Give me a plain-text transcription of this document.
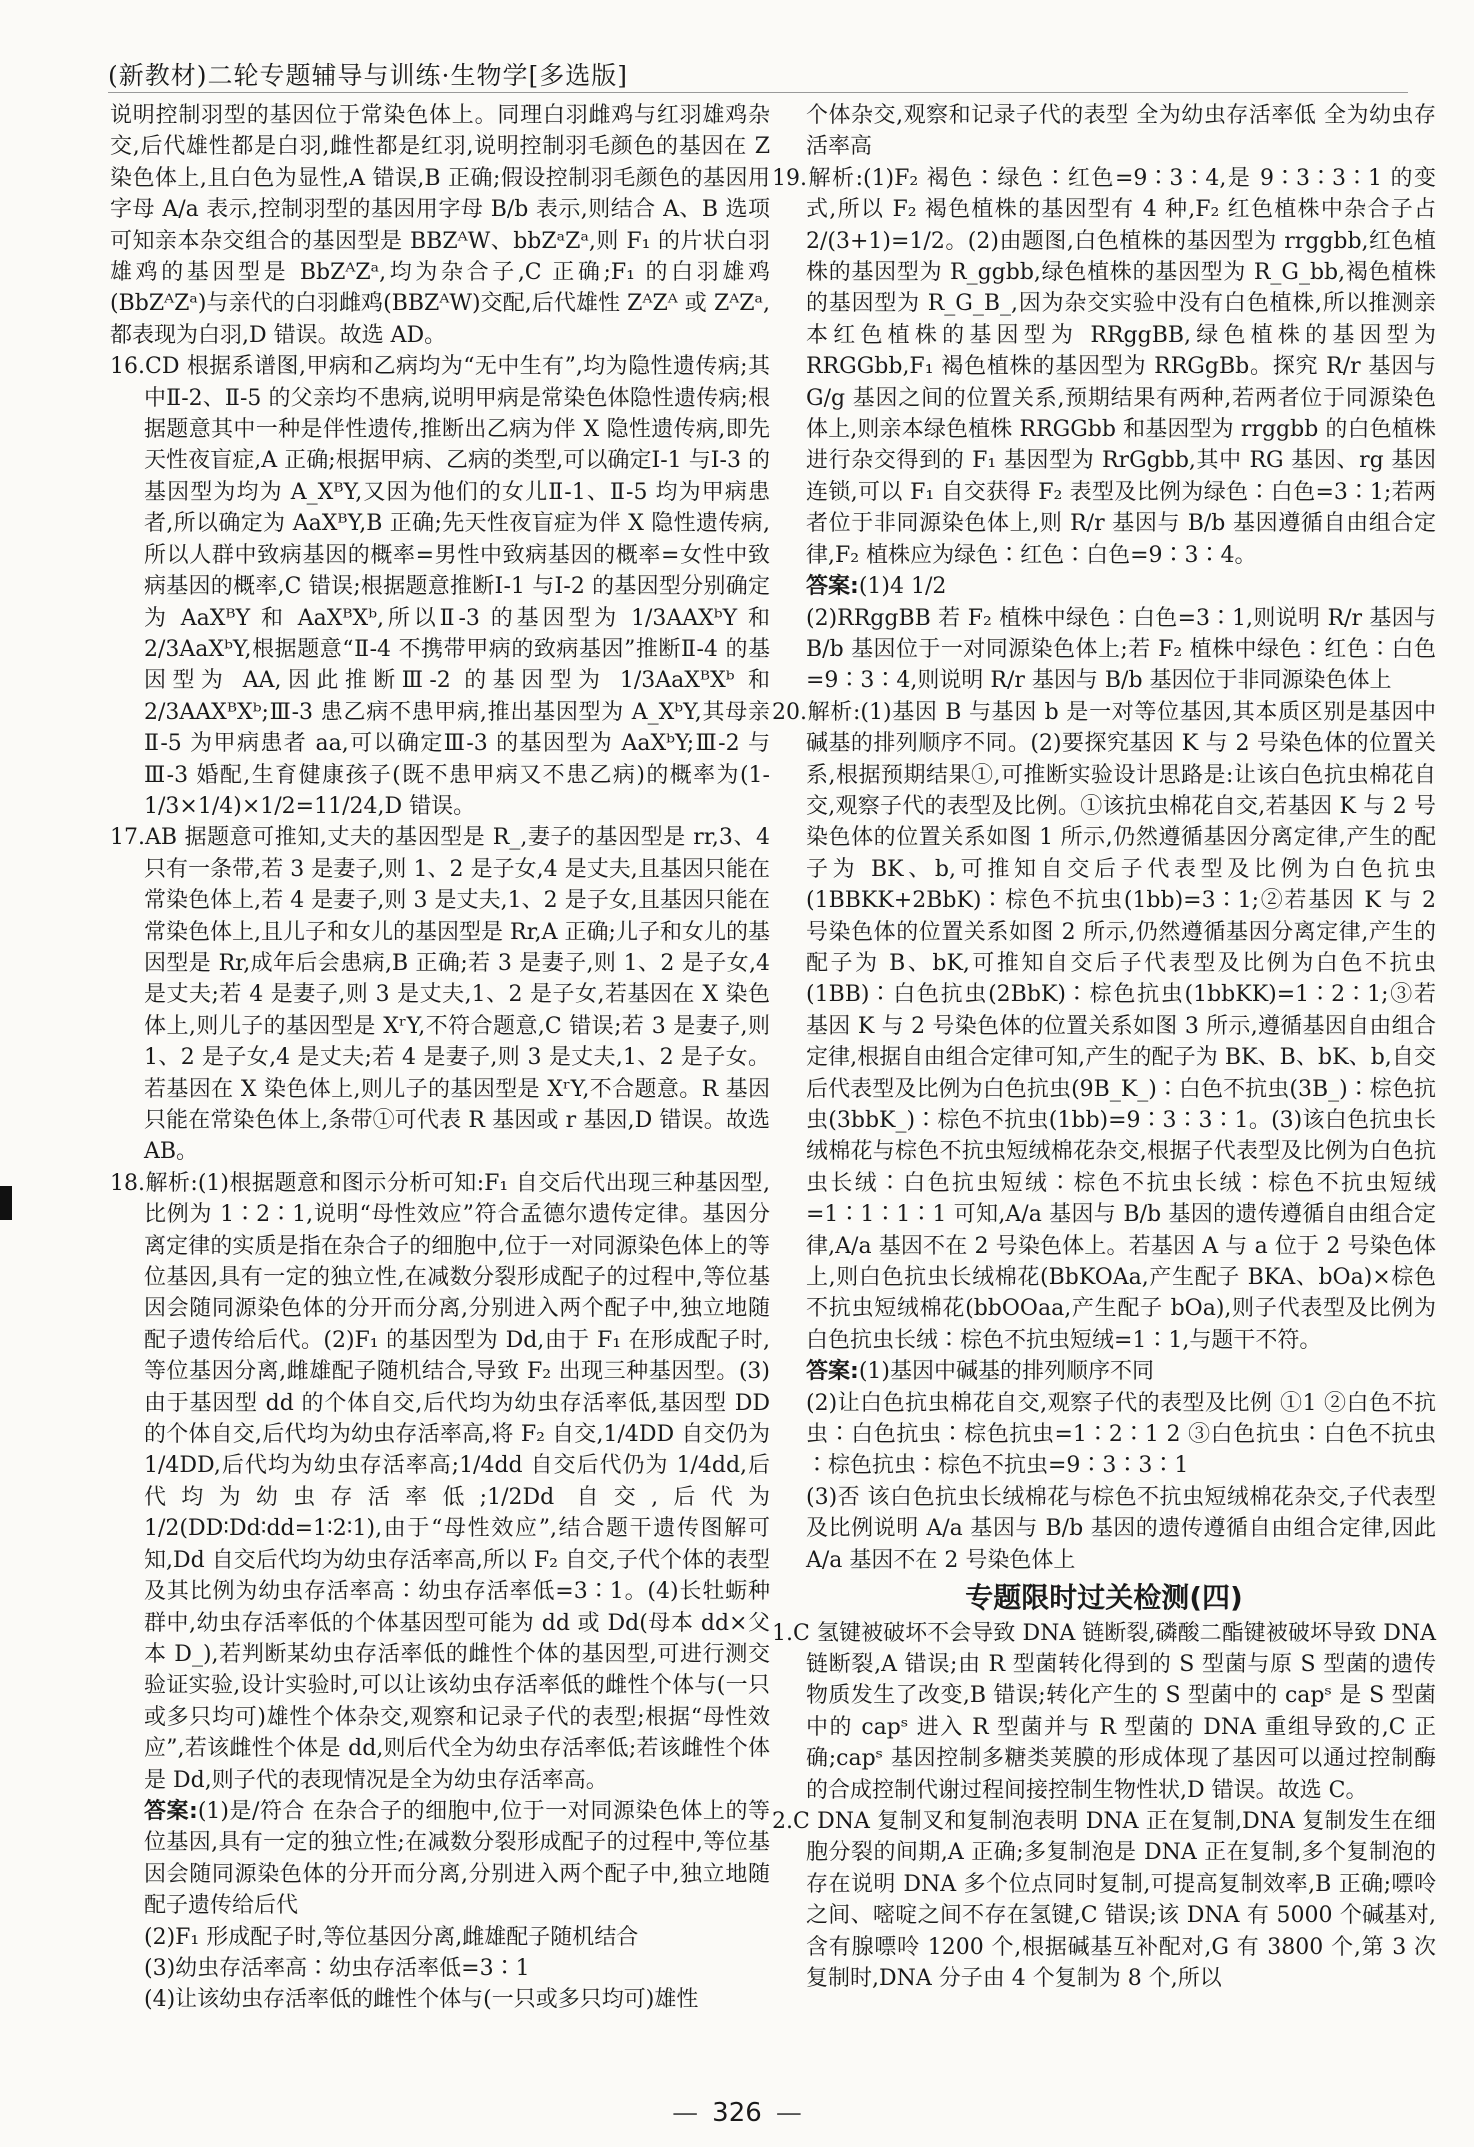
(新教材)二轮专题辅导与训练·生物学[多选版]
说明控制羽型的基因位于常染色体上。同理白羽雌鸡与红羽雄鸡杂交,后代雄性都是白羽,雌性都是红羽,说明控制羽毛颜色的基因在 Z 染色体上,且白色为显性,A 错误,B 正确;假设控制羽毛颜色的基因用字母 A/a 表示,控制羽型的基因用字母 B/b 表示,则结合 A、B 选项可知亲本杂交组合的基因型是 BBZᴬW、bbZᵃZᵃ,则 F₁ 的片状白羽雄鸡的基因型是 BbZᴬZᵃ,均为杂合子,C 正确;F₁ 的白羽雄鸡(BbZᴬZᵃ)与亲代的白羽雌鸡(BBZᴬW)交配,后代雄性 ZᴬZᴬ 或 ZᴬZᵃ,都表现为白羽,D 错误。故选 AD。
16.CD 根据系谱图,甲病和乙病均为“无中生有”,均为隐性遗传病;其中Ⅱ-2、Ⅱ-5 的父亲均不患病,说明甲病是常染色体隐性遗传病;根据题意其中一种是伴性遗传,推断出乙病为伴 X 隐性遗传病,即先天性夜盲症,A 正确;根据甲病、乙病的类型,可以确定Ⅰ-1 与Ⅰ-3 的基因型为均为 A_XᴮY,又因为他们的女儿Ⅱ-1、Ⅱ-5 均为甲病患者,所以确定为 AaXᴮY,B 正确;先天性夜盲症为伴 X 隐性遗传病,所以人群中致病基因的概率=男性中致病基因的概率=女性中致病基因的概率,C 错误;根据题意推断Ⅰ-1 与Ⅰ-2 的基因型分别确定为 AaXᴮY 和 AaXᴮXᵇ,所以Ⅱ-3 的基因型为 1/3AAXᵇY 和 2/3AaXᵇY,根据题意“Ⅱ-4 不携带甲病的致病基因”推断Ⅱ-4 的基因型为 AA,因此推断Ⅲ-2 的基因型为 1/3AaXᴮXᵇ 和 2/3AAXᴮXᵇ;Ⅲ-3 患乙病不患甲病,推出基因型为 A_XᵇY,其母亲Ⅱ-5 为甲病患者 aa,可以确定Ⅲ-3 的基因型为 AaXᵇY;Ⅲ-2 与Ⅲ-3 婚配,生育健康孩子(既不患甲病又不患乙病)的概率为(1-1/3×1/4)×1/2=11/24,D 错误。
17.AB 据题意可推知,丈夫的基因型是 R_,妻子的基因型是 rr,3、4 只有一条带,若 3 是妻子,则 1、2 是子女,4 是丈夫,且基因只能在常染色体上,若 4 是妻子,则 3 是丈夫,1、2 是子女,且基因只能在常染色体上,且儿子和女儿的基因型是 Rr,A 正确;儿子和女儿的基因型是 Rr,成年后会患病,B 正确;若 3 是妻子,则 1、2 是子女,4 是丈夫;若 4 是妻子,则 3 是丈夫,1、2 是子女,若基因在 X 染色体上,则儿子的基因型是 XʳY,不符合题意,C 错误;若 3 是妻子,则 1、2 是子女,4 是丈夫;若 4 是妻子,则 3 是丈夫,1、2 是子女。若基因在 X 染色体上,则儿子的基因型是 XʳY,不合题意。R 基因只能在常染色体上,条带①可代表 R 基因或 r 基因,D 错误。故选 AB。
18.解析:(1)根据题意和图示分析可知:F₁ 自交后代出现三种基因型,比例为 1∶2∶1,说明“母性效应”符合孟德尔遗传定律。基因分离定律的实质是指在杂合子的细胞中,位于一对同源染色体上的等位基因,具有一定的独立性,在减数分裂形成配子的过程中,等位基因会随同源染色体的分开而分离,分别进入两个配子中,独立地随配子遗传给后代。(2)F₁ 的基因型为 Dd,由于 F₁ 在形成配子时,等位基因分离,雌雄配子随机结合,导致 F₂ 出现三种基因型。(3)由于基因型 dd 的个体自交,后代均为幼虫存活率低,基因型 DD 的个体自交,后代均为幼虫存活率高,将 F₂ 自交,1/4DD 自交仍为 1/4DD,后代均为幼虫存活率高;1/4dd 自交后代仍为 1/4dd,后代均为幼虫存活率低;1/2Dd 自交,后代为 1/2(DD∶Dd∶dd=1∶2∶1),由于“母性效应”,结合题干遗传图解可知,Dd 自交后代均为幼虫存活率高,所以 F₂ 自交,子代个体的表型及其比例为幼虫存活率高∶幼虫存活率低=3∶1。(4)长牡蛎种群中,幼虫存活率低的个体基因型可能为 dd 或 Dd(母本 dd×父本 D_),若判断某幼虫存活率低的雌性个体的基因型,可进行测交验证实验,设计实验时,可以让该幼虫存活率低的雌性个体与(一只或多只均可)雄性个体杂交,观察和记录子代的表型;根据“母性效应”,若该雌性个体是 dd,则后代全为幼虫存活率低;若该雌性个体是 Dd,则子代的表现情况是全为幼虫存活率高。
答案:(1)是/符合 在杂合子的细胞中,位于一对同源染色体上的等位基因,具有一定的独立性;在减数分裂形成配子的过程中,等位基因会随同源染色体的分开而分离,分别进入两个配子中,独立地随配子遗传给后代
(2)F₁ 形成配子时,等位基因分离,雌雄配子随机结合
(3)幼虫存活率高∶幼虫存活率低=3∶1
(4)让该幼虫存活率低的雌性个体与(一只或多只均可)雄性
个体杂交,观察和记录子代的表型 全为幼虫存活率低 全为幼虫存活率高
19.解析:(1)F₂ 褐色∶绿色∶红色=9∶3∶4,是 9∶3∶3∶1 的变式,所以 F₂ 褐色植株的基因型有 4 种,F₂ 红色植株中杂合子占 2/(3+1)=1/2。(2)由题图,白色植株的基因型为 rrggbb,红色植株的基因型为 R_ggbb,绿色植株的基因型为 R_G_bb,褐色植株的基因型为 R_G_B_,因为杂交实验中没有白色植株,所以推测亲本红色植株的基因型为 RRggBB,绿色植株的基因型为 RRGGbb,F₁ 褐色植株的基因型为 RRGgBb。探究 R/r 基因与 G/g 基因之间的位置关系,预期结果有两种,若两者位于同源染色体上,则亲本绿色植株 RRGGbb 和基因型为 rrggbb 的白色植株进行杂交得到的 F₁ 基因型为 RrGgbb,其中 RG 基因、rg 基因连锁,可以 F₁ 自交获得 F₂ 表型及比例为绿色∶白色=3∶1;若两者位于非同源染色体上,则 R/r 基因与 B/b 基因遵循自由组合定律,F₂ 植株应为绿色∶红色∶白色=9∶3∶4。
答案:(1)4 1/2
(2)RRggBB 若 F₂ 植株中绿色∶白色=3∶1,则说明 R/r 基因与 B/b 基因位于一对同源染色体上;若 F₂ 植株中绿色∶红色∶白色=9∶3∶4,则说明 R/r 基因与 B/b 基因位于非同源染色体上
20.解析:(1)基因 B 与基因 b 是一对等位基因,其本质区别是基因中碱基的排列顺序不同。(2)要探究基因 K 与 2 号染色体的位置关系,根据预期结果①,可推断实验设计思路是:让该白色抗虫棉花自交,观察子代的表型及比例。①该抗虫棉花自交,若基因 K 与 2 号染色体的位置关系如图 1 所示,仍然遵循基因分离定律,产生的配子为 BK、b,可推知自交后子代表型及比例为白色抗虫(1BBKK+2BbK)∶棕色不抗虫(1bb)=3∶1;②若基因 K 与 2 号染色体的位置关系如图 2 所示,仍然遵循基因分离定律,产生的配子为 B、bK,可推知自交后子代表型及比例为白色不抗虫(1BB)∶白色抗虫(2BbK)∶棕色抗虫(1bbKK)=1∶2∶1;③若基因 K 与 2 号染色体的位置关系如图 3 所示,遵循基因自由组合定律,根据自由组合定律可知,产生的配子为 BK、B、bK、b,自交后代表型及比例为白色抗虫(9B_K_)∶白色不抗虫(3B_)∶棕色抗虫(3bbK_)∶棕色不抗虫(1bb)=9∶3∶3∶1。(3)该白色抗虫长绒棉花与棕色不抗虫短绒棉花杂交,根据子代表型及比例为白色抗虫长绒∶白色抗虫短绒∶棕色不抗虫长绒∶棕色不抗虫短绒=1∶1∶1∶1 可知,A/a 基因与 B/b 基因的遗传遵循自由组合定律,A/a 基因不在 2 号染色体上。若基因 A 与 a 位于 2 号染色体上,则白色抗虫长绒棉花(BbKOAa,产生配子 BKA、bOa)×棕色不抗虫短绒棉花(bbOOaa,产生配子 bOa),则子代表型及比例为白色抗虫长绒∶棕色不抗虫短绒=1∶1,与题干不符。
答案:(1)基因中碱基的排列顺序不同
(2)让白色抗虫棉花自交,观察子代的表型及比例 ①1 ②白色不抗虫∶白色抗虫∶棕色抗虫=1∶2∶1 2 ③白色抗虫∶白色不抗虫∶棕色抗虫∶棕色不抗虫=9∶3∶3∶1
(3)否 该白色抗虫长绒棉花与棕色不抗虫短绒棉花杂交,子代表型及比例说明 A/a 基因与 B/b 基因的遗传遵循自由组合定律,因此 A/a 基因不在 2 号染色体上
专题限时过关检测(四)
1.C 氢键被破坏不会导致 DNA 链断裂,磷酸二酯键被破坏导致 DNA 链断裂,A 错误;由 R 型菌转化得到的 S 型菌与原 S 型菌的遗传物质发生了改变,B 错误;转化产生的 S 型菌中的 capˢ 是 S 型菌中的 capˢ 进入 R 型菌并与 R 型菌的 DNA 重组导致的,C 正确;capˢ 基因控制多糖类荚膜的形成体现了基因可以通过控制酶的合成控制代谢过程间接控制生物性状,D 错误。故选 C。
2.C DNA 复制叉和复制泡表明 DNA 正在复制,DNA 复制发生在细胞分裂的间期,A 正确;多复制泡是 DNA 正在复制,多个复制泡的存在说明 DNA 多个位点同时复制,可提高复制效率,B 正确;嘌呤之间、嘧啶之间不存在氢键,C 错误;该 DNA 有 5000 个碱基对,含有腺嘌呤 1200 个,根据碱基互补配对,G 有 3800 个,第 3 次复制时,DNA 分子由 4 个复制为 8 个,所以
— 326 —
